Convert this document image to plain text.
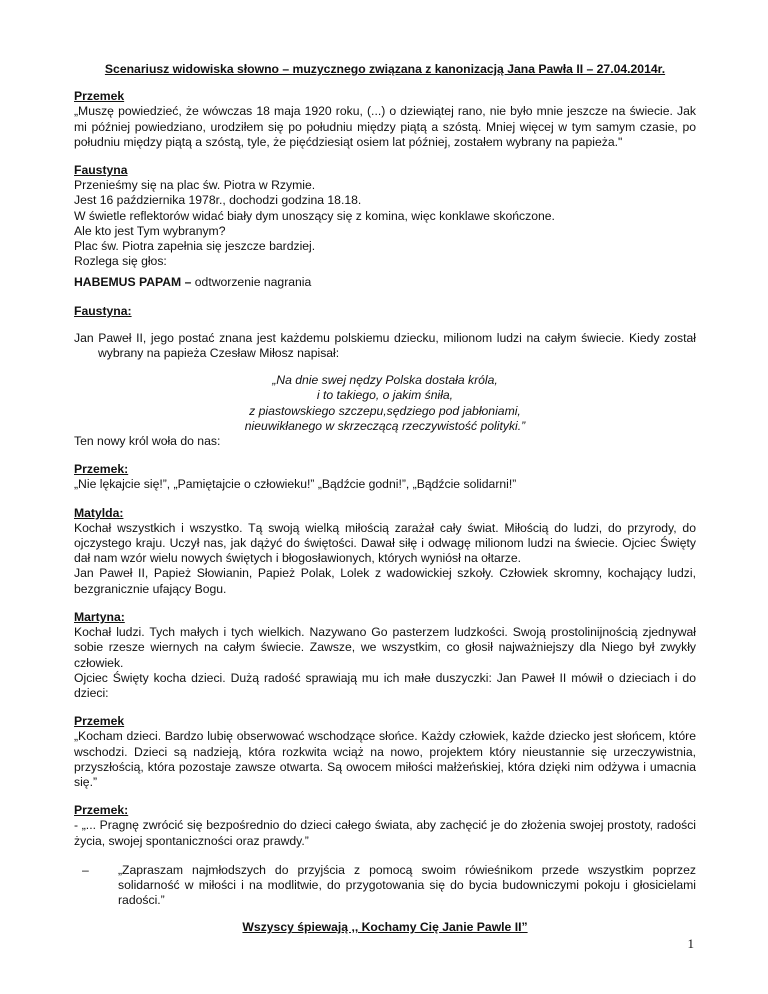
Scenariusz widowiska słowno – muzycznego związana z kanonizacją Jana Pawła II – 27.04.2014r.

Przemek

„Muszę powiedzieć, że wówczas 18 maja 1920 roku, (...) o dziewiątej rano, nie było mnie jeszcze na świecie. Jak mi później powiedziano, urodziłem się po południu między piątą a szóstą. Mniej więcej w tym samym czasie, po południu między piątą a szóstą, tyle, że pięćdziesiąt osiem lat później, zostałem wybrany na papieża."

Faustyna
Przenieśmy się na plac św. Piotra w Rzymie.
Jest 16 października 1978r., dochodzi godzina 18.18.
W świetle reflektorów widać biały dym unoszący się z komina, więc konklawe skończone.
Ale kto jest Tym wybranym?
Plac św. Piotra zapełnia się jeszcze bardziej.
Rozlega się głos:
HABEMUS PAPAM – odtworzenie nagrania
Faustyna:

Jan Paweł II, jego postać znana jest każdemu polskiemu dziecku, milionom ludzi na całym świecie. Kiedy został wybrany na papieża Czesław Miłosz napisał:

„Na dnie swej nędzy Polska dostała króla,
i to takiego, o jakim śniła,
z piastowskiego szczepu,sędziego pod jabłoniami,
nieuwikłanego w skrzeczącą rzeczywistość polityki.”
Ten nowy król woła do nas:
Przemek:

„Nie lękajcie się!”, „Pamiętajcie o człowieku!” „Bądźcie godni!”, „Bądźcie solidarni!”

Matylda:

Kochał wszystkich i wszystko. Tą swoją wielką miłością zarażał cały świat. Miłością do ludzi, do przyrody, do ojczystego kraju. Uczył nas, jak dążyć do świętości. Dawał siłę i odwagę milionom ludzi na świecie. Ojciec Święty dał nam wzór wielu nowych świętych i błogosławionych, których wyniósł na ołtarze.

Jan Paweł II, Papież Słowianin, Papież Polak, Lolek z wadowickiej szkoły. Człowiek skromny, kochający ludzi, bezgranicznie ufający Bogu.

Martyna:

Kochał ludzi. Tych małych i tych wielkich. Nazywano Go pasterzem ludzkości. Swoją prostolinijnością zjednywał sobie rzesze wiernych na całym świecie. Zawsze, we wszystkim, co głosił najważniejszy dla Niego był zwykły człowiek.

Ojciec Święty kocha dzieci. Dużą radość sprawiają mu ich małe duszyczki: Jan Paweł II mówił o dzieciach i do dzieci:

Przemek

„Kocham dzieci. Bardzo lubię obserwować wschodzące słońce. Każdy człowiek, każde dziecko jest słońcem, które wschodzi. Dzieci są nadzieją, która rozkwita wciąż na nowo, projektem który nieustannie się urzeczywistnia, przyszłością, która pozostaje zawsze otwarta. Są owocem miłości małżeńskiej, która dzięki nim odżywa i umacnia się.”

Przemek:

- „... Pragnę zwrócić się bezpośrednio do dzieci całego świata, aby zachęcić je do złożenia swojej prostoty, radości życia, swojej spontaniczności oraz prawdy.”

–	„Zapraszam najmłodszych do przyjścia z pomocą swoim rówieśnikom przede wszystkim poprzez solidarność w miłości i na modlitwie, do przygotowania się do bycia budowniczymi pokoju i głosicielami radości.”

Wszyscy śpiewają ,, Kochamy Cię Janie Pawle II”

1
